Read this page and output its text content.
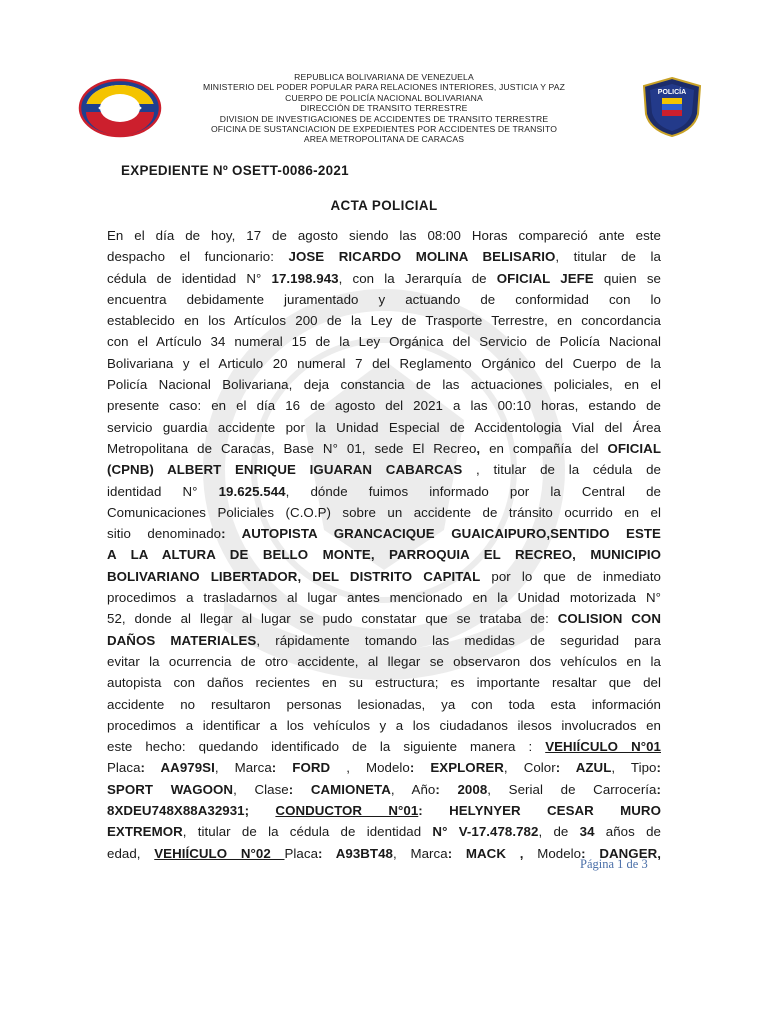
POLICÍA
REPUBLICA BOLIVARIANA DE VENEZUELA
MINISTERIO DEL PODER POPULAR PARA RELACIONES INTERIORES, JUSTICIA Y PAZ
CUERPO DE POLICÍA NACIONAL BOLIVARIANA
DIRECCIÓN DE TRANSITO TERRESTRE
DIVISION DE INVESTIGACIONES DE ACCIDENTES DE TRANSITO TERRESTRE
OFICINA DE SUSTANCIACION DE EXPEDIENTES POR ACCIDENTES DE TRANSITO
AREA METROPOLITANA DE CARACAS
EXPEDIENTE Nº OSETT-0086-2021
ACTA POLICIAL
En el día de hoy, 17 de agosto siendo las 08:00 Horas compareció ante este
despacho el funcionario: JOSE RICARDO MOLINA BELISARIO, titular de la
cédula de identidad N° 17.198.943, con la Jerarquía de OFICIAL JEFE quien se
encuentra debidamente juramentado y actuando de conformidad con lo
establecido en los Artículos 200 de la Ley de Trasporte Terrestre, en concordancia
con el Artículo 34 numeral 15 de la Ley Orgánica del Servicio de Policía Nacional
Bolivariana y el Articulo 20 numeral 7 del Reglamento Orgánico del Cuerpo de la
Policía Nacional Bolivariana, deja constancia de las actuaciones policiales, en el
presente caso: en el día 16 de agosto del 2021 a las 00:10 horas, estando de
servicio guardia accidente por la Unidad Especial de Accidentologia Vial del Área
Metropolitana de Caracas, Base N° 01, sede El Recreo, en compañía del OFICIAL
(CPNB) ALBERT ENRIQUE IGUARAN CABARCAS , titular de la cédula de
identidad N° 19.625.544, dónde fuimos informado por la Central de
Comunicaciones Policiales (C.O.P) sobre un accidente de tránsito ocurrido en el
sitio denominado: AUTOPISTA GRANCACIQUE GUAICAIPURO,SENTIDO ESTE
A LA ALTURA DE BELLO MONTE, PARROQUIA EL RECREO, MUNICIPIO
BOLIVARIANO LIBERTADOR, DEL DISTRITO CAPITAL por lo que de inmediato
procedimos a trasladarnos al lugar antes mencionado en la Unidad motorizada N°
52, donde al llegar al lugar se pudo constatar que se trataba de: COLISION CON
DAÑOS MATERIALES, rápidamente tomando las medidas de seguridad para
evitar la ocurrencia de otro accidente, al llegar se observaron dos vehículos en la
autopista con daños recientes en su estructura; es importante resaltar que del
accidente no resultaron personas lesionadas, ya con toda esta información
procedimos a identificar a los vehículos y a los ciudadanos ilesos involucrados en
este hecho: quedando identificado de la siguiente manera : VEHIÍCULO N°01
Placa: AA979SI, Marca: FORD , Modelo: EXPLORER, Color: AZUL, Tipo:
SPORT WAGOON, Clase: CAMIONETA, Año: 2008, Serial de Carrocería:
8XDEU748X88A32931; CONDUCTOR N°01: HELYNYER CESAR MURO
EXTREMOR, titular de la cédula de identidad N° V-17.478.782, de 34 años de
edad, VEHIÍCULO N°02 Placa: A93BT48, Marca: MACK , Modelo: DANGER,
Página 1 de 3
